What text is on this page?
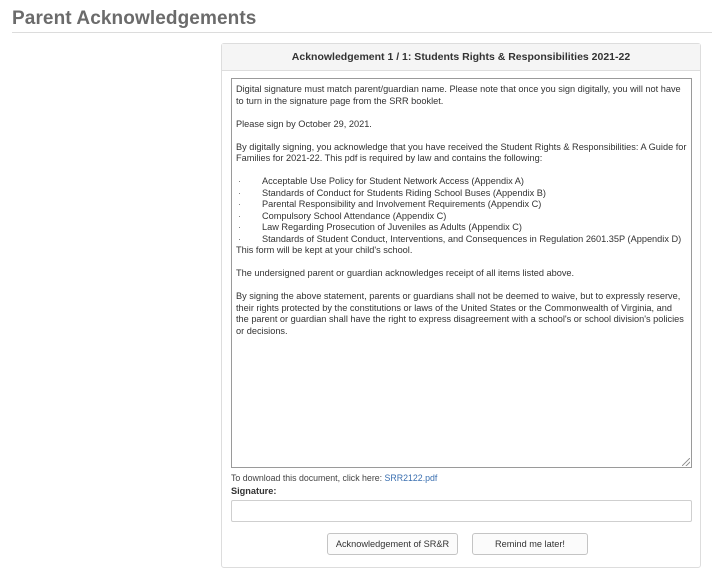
Parent Acknowledgements
Acknowledgement 1 / 1: Students Rights & Responsibilities 2021-22

Digital signature must match parent/guardian name. Please note that once you sign digitally, you will not have to turn in the signature page from the SRR booklet.

Please sign by October 29, 2021.

By digitally signing, you acknowledge that you have received the Student Rights & Responsibilities: A Guide for Families for 2021-22. This pdf is required by law and contains the following:

· Acceptable Use Policy for Student Network Access (Appendix A)
· Standards of Conduct for Students Riding School Buses (Appendix B)
· Parental Responsibility and Involvement Requirements (Appendix C)
· Compulsory School Attendance (Appendix C)
· Law Regarding Prosecution of Juveniles as Adults (Appendix C)
· Standards of Student Conduct, Interventions, and Consequences in Regulation 2601.35P (Appendix D)

This form will be kept at your child's school.

The undersigned parent or guardian acknowledges receipt of all items listed above.

By signing the above statement, parents or guardians shall not be deemed to waive, but to expressly reserve, their rights protected by the constitutions or laws of the United States or the Commonwealth of Virginia, and the parent or guardian shall have the right to express disagreement with a school's or school division's policies or decisions.

To download this document, click here: SRR2122.pdf
Signature:
Acknowledgement of SR&R	Remind me later!
